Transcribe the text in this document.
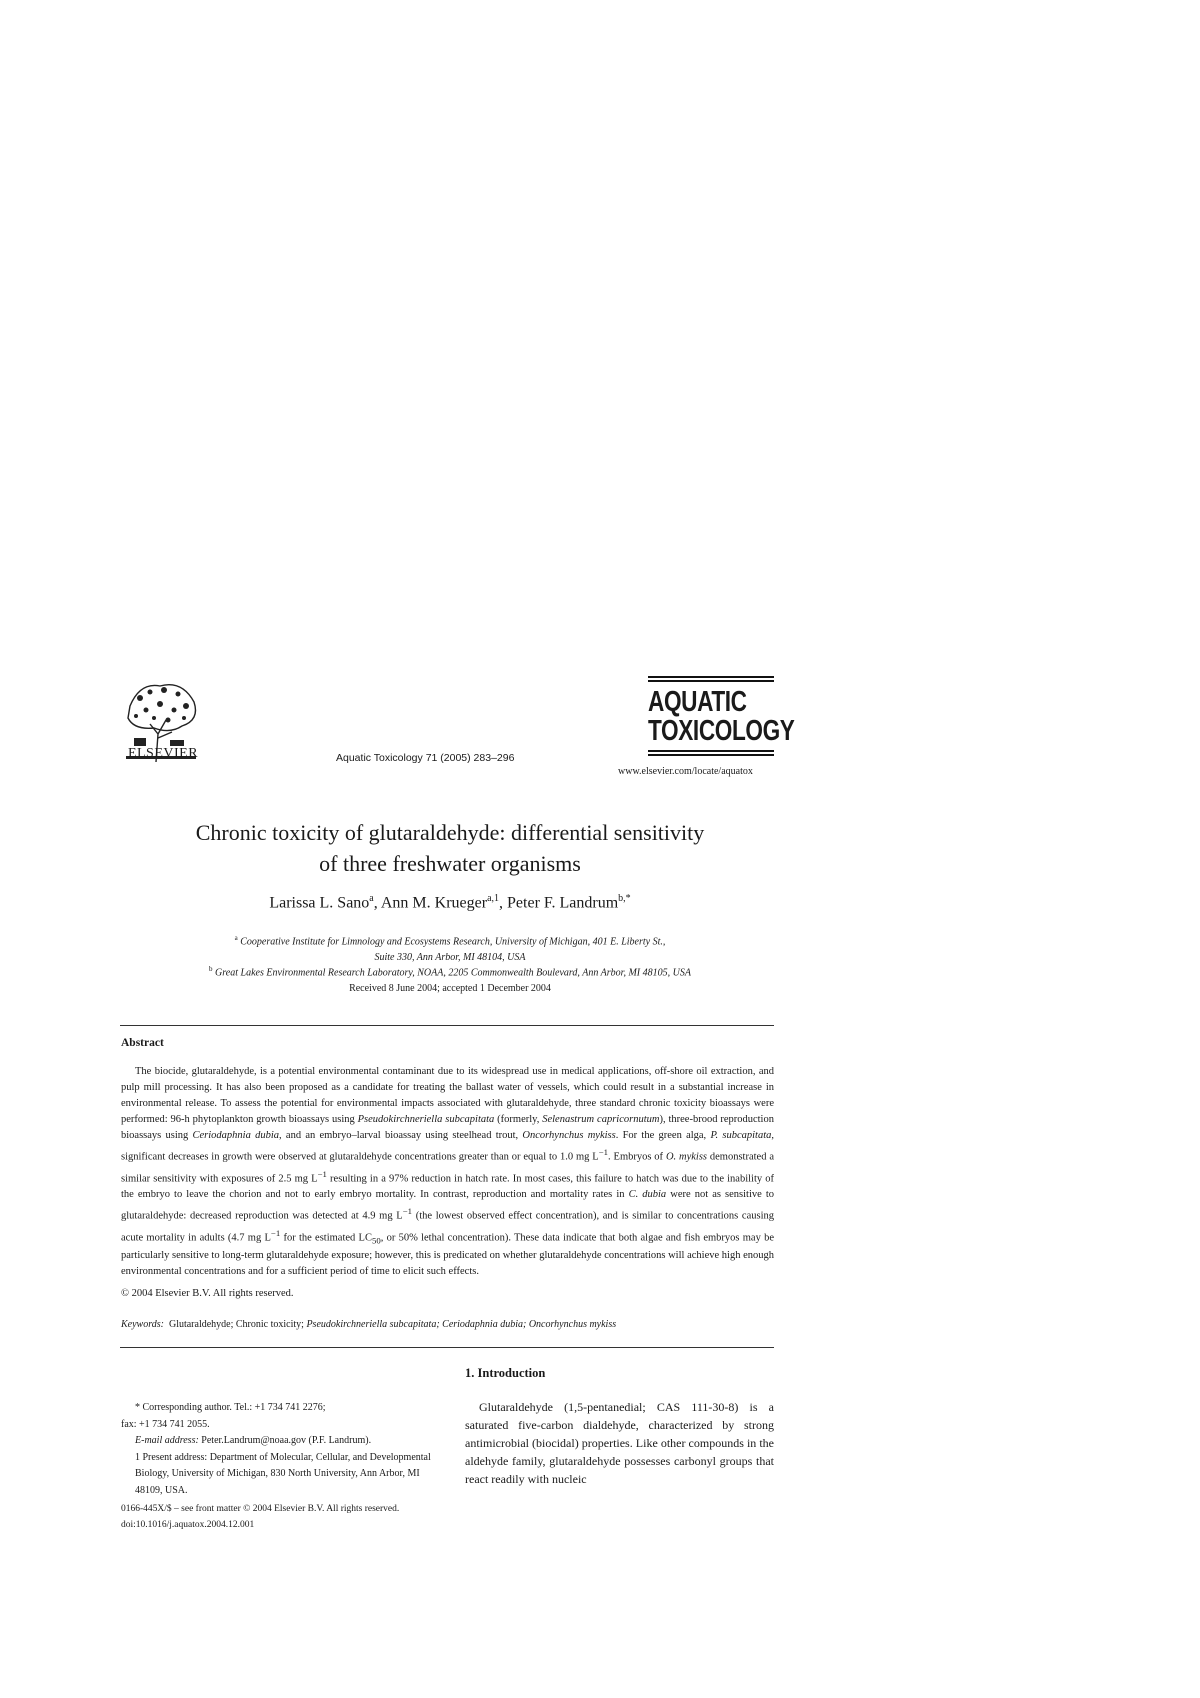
ELSEVIER	Aquatic Toxicology 71 (2005) 283–296
AQUATIC
TOXICOLOGY
www.elsevier.com/locate/aquatox
Chronic toxicity of glutaraldehyde: differential sensitivity
of three freshwater organisms
Larissa L. Sano$^a$, Ann M. Krueger$^{a,1}$, Peter F. Landrum$^{b,*}$
$^a$ Cooperative Institute for Limnology and Ecosystems Research, University of Michigan, 401 E. Liberty St.,
Suite 330, Ann Arbor, MI 48104, USA
$^b$ Great Lakes Environmental Research Laboratory, NOAA, 2205 Commonwealth Boulevard, Ann Arbor, MI 48105, USA
Received 8 June 2004; accepted 1 December 2004
Abstract

The biocide, glutaraldehyde, is a potential environmental contaminant due to its widespread use in medical applications, off-shore oil extraction, and pulp mill processing. It has also been proposed as a candidate for treating the ballast water of vessels, which could result in a substantial increase in environmental release. To assess the potential for environmental impacts associated with glutaraldehyde, three standard chronic toxicity bioassays were performed: 96-h phytoplankton growth bioassays using Pseudokirchneriella subcapitata (formerly, Selenastrum capricornutum), three-brood reproduction bioassays using Ceriodaphnia dubia, and an embryo–larval bioassay using steelhead trout, Oncorhynchus mykiss. For the green alga, P. subcapitata, significant decreases in growth were observed at glutaraldehyde concentrations greater than or equal to 1.0 mg $L^{-1}$. Embryos of O. mykiss demonstrated a similar sensitivity with exposures of 2.5 mg $L^{-1}$ resulting in a 97% reduction in hatch rate. In most cases, this failure to hatch was due to the inability of the embryo to leave the chorion and not to early embryo mortality. In contrast, reproduction and mortality rates in C. dubia were not as sensitive to glutaraldehyde: decreased reproduction was detected at 4.9 mg $L^{-1}$ (the lowest observed effect concentration), and is similar to concentrations causing acute mortality in adults (4.7 mg $L^{-1}$ for the estimated $LC_{50}$, or 50% lethal concentration). These data indicate that both algae and fish embryos may be particularly sensitive to long-term glutaraldehyde exposure; however, this is predicated on whether glutaraldehyde concentrations will achieve high enough environmental concentrations and for a sufficient period of time to elicit such effects.

© 2004 Elsevier B.V. All rights reserved.
Keywords: Glutaraldehyde; Chronic toxicity; Pseudokirchneriella subcapitata; Ceriodaphnia dubia; Oncorhynchus mykiss
1. Introduction

Glutaraldehyde (1,5-pentanedial; CAS 111-30-8) is a saturated five-carbon dialdehyde, characterized by strong antimicrobial (biocidal) properties. Like other compounds in the aldehyde family, glutaraldehyde possesses carbonyl groups that react readily with nucleic

* Corresponding author. Tel.: +1 734 741 2276;
fax: +1 734 741 2055.
E-mail address: Peter.Landrum@noaa.gov (P.F. Landrum).
1 Present address: Department of Molecular, Cellular, and Developmental Biology, University of Michigan, 830 North University, Ann Arbor, MI 48109, USA.
0166-445X/$ – see front matter © 2004 Elsevier B.V. All rights reserved.
doi:10.1016/j.aquatox.2004.12.001
